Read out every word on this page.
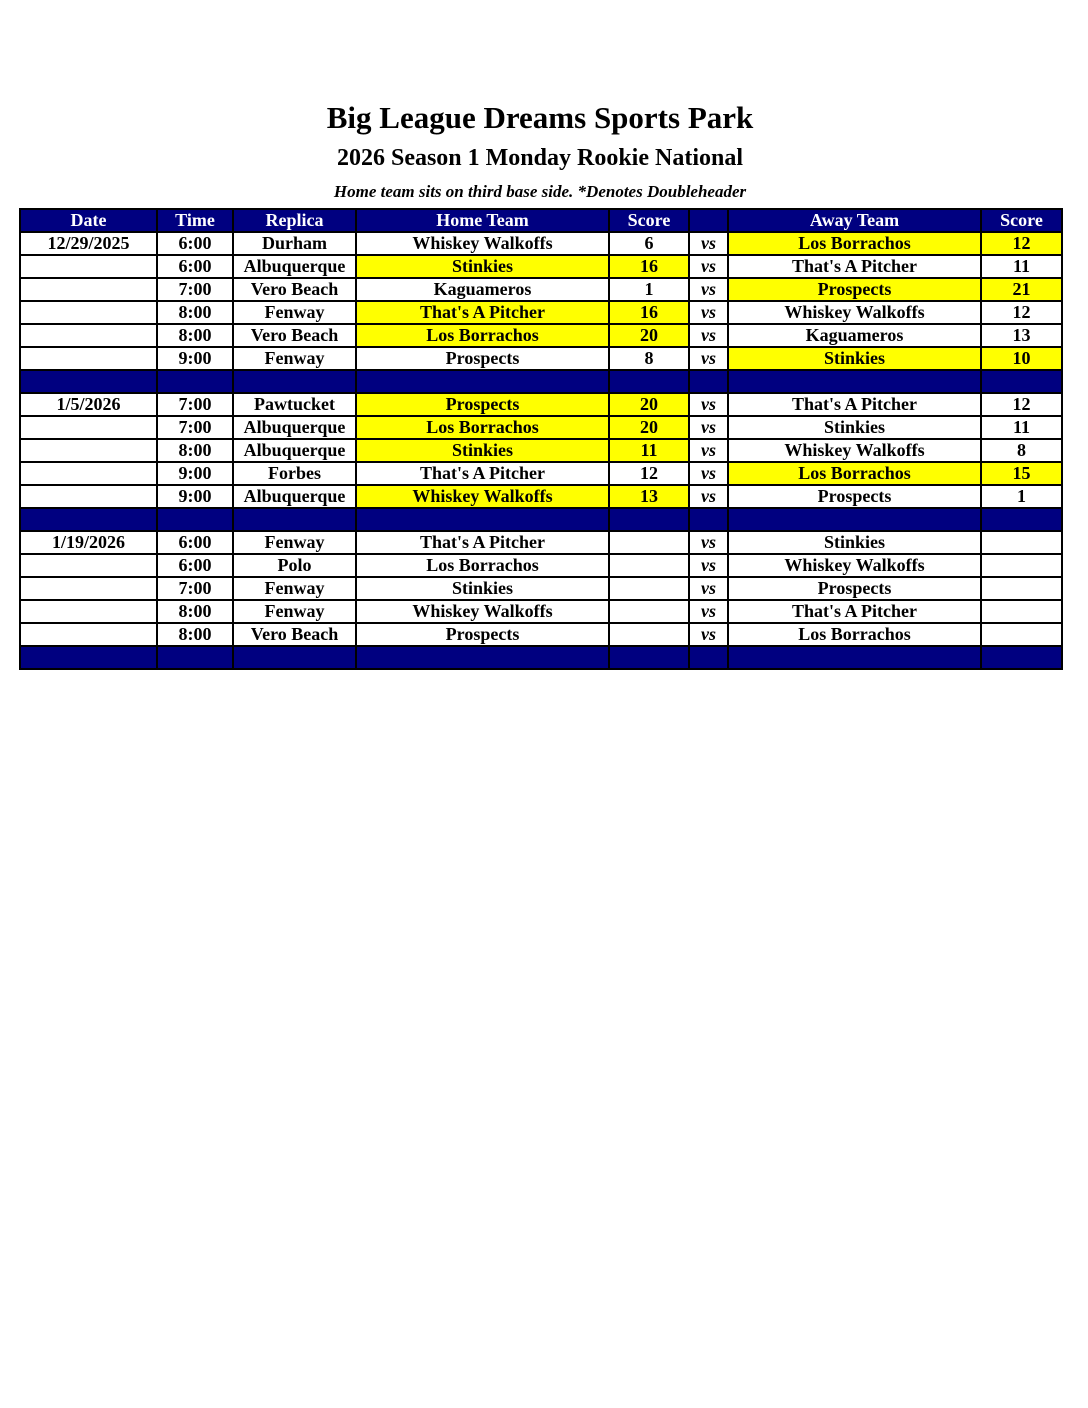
Big League Dreams Sports Park
2026 Season 1 Monday Rookie National
Home team sits on third base side. *Denotes Doubleheader
Date	Time	Replica	Home Team	Score		Away Team	Score
12/29/2025	6:00	Durham	Whiskey Walkoffs	6	vs	Los Borrachos	12
	6:00	Albuquerque	Stinkies	16	vs	That's A Pitcher	11
	7:00	Vero Beach	Kaguameros	1	vs	Prospects	21
	8:00	Fenway	That's A Pitcher	16	vs	Whiskey Walkoffs	12
	8:00	Vero Beach	Los Borrachos	20	vs	Kaguameros	13
	9:00	Fenway	Prospects	8	vs	Stinkies	10

1/5/2026	7:00	Pawtucket	Prospects	20	vs	That's A Pitcher	12
	7:00	Albuquerque	Los Borrachos	20	vs	Stinkies	11
	8:00	Albuquerque	Stinkies	11	vs	Whiskey Walkoffs	8
	9:00	Forbes	That's A Pitcher	12	vs	Los Borrachos	15
	9:00	Albuquerque	Whiskey Walkoffs	13	vs	Prospects	1

1/19/2026	6:00	Fenway	That's A Pitcher		vs	Stinkies	
	6:00	Polo	Los Borrachos		vs	Whiskey Walkoffs	
	7:00	Fenway	Stinkies		vs	Prospects	
	8:00	Fenway	Whiskey Walkoffs		vs	That's A Pitcher	
	8:00	Vero Beach	Prospects		vs	Los Borrachos	
